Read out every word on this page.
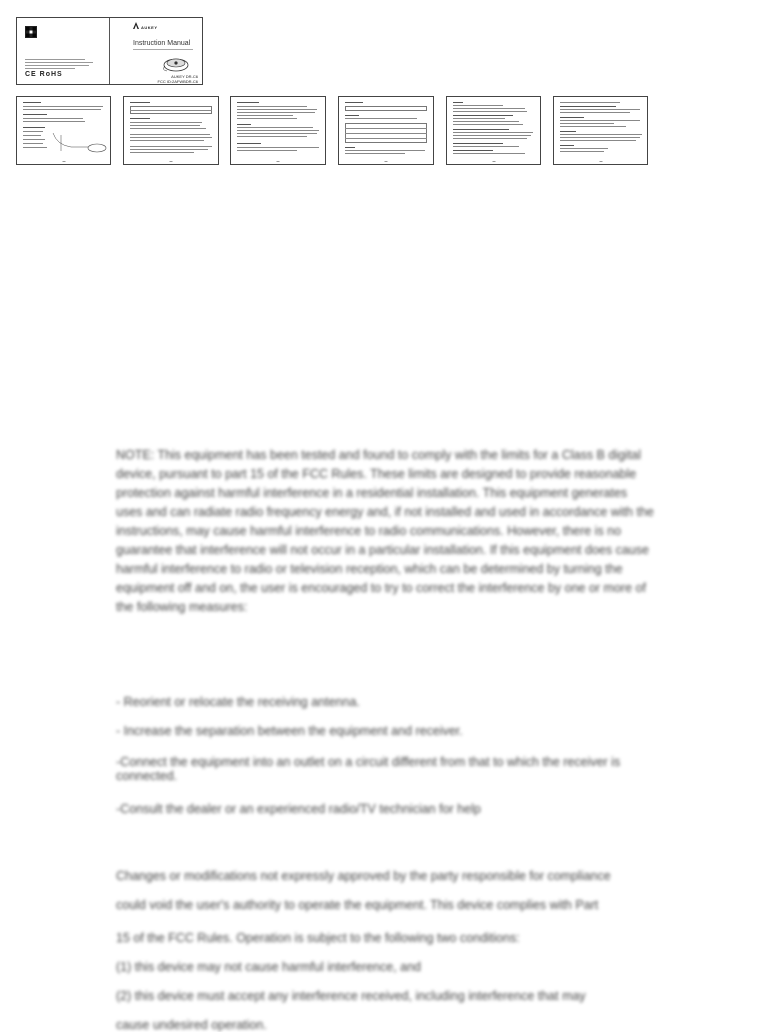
CE RoHS
AUKEY
Instruction Manual
AUKEY DR-C6
FCC ID:2AFWBDR-C6

NOTE: This equipment has been tested and found to comply with the limits for a Class B digital device, pursuant to part 15 of the FCC Rules. These limits are designed to provide reasonable protection against harmful interference in a residential installation. This equipment generates uses and can radiate radio frequency energy and, if not installed and used in accordance with the instructions, may cause harmful interference to radio communications. However, there is no guarantee that interference will not occur in a particular installation. If this equipment does cause harmful interference to radio or television reception, which can be determined by turning the equipment off and on, the user is encouraged to try to correct the interference by one or more of the following measures:

- Reorient or relocate the receiving antenna.

- Increase the separation between the equipment and receiver.

-Connect the equipment into an outlet on a circuit different from that to which the receiver is connected.

-Consult the dealer or an experienced radio/TV technician for help

Changes or modifications not expressly approved by the party responsible for compliance

could void the user's authority to operate the equipment. This device complies with Part

15 of the FCC Rules. Operation is subject to the following two conditions:

(1) this device may not cause harmful interference, and

(2) this device must accept any interference received, including interference that may

cause undesired operation.
